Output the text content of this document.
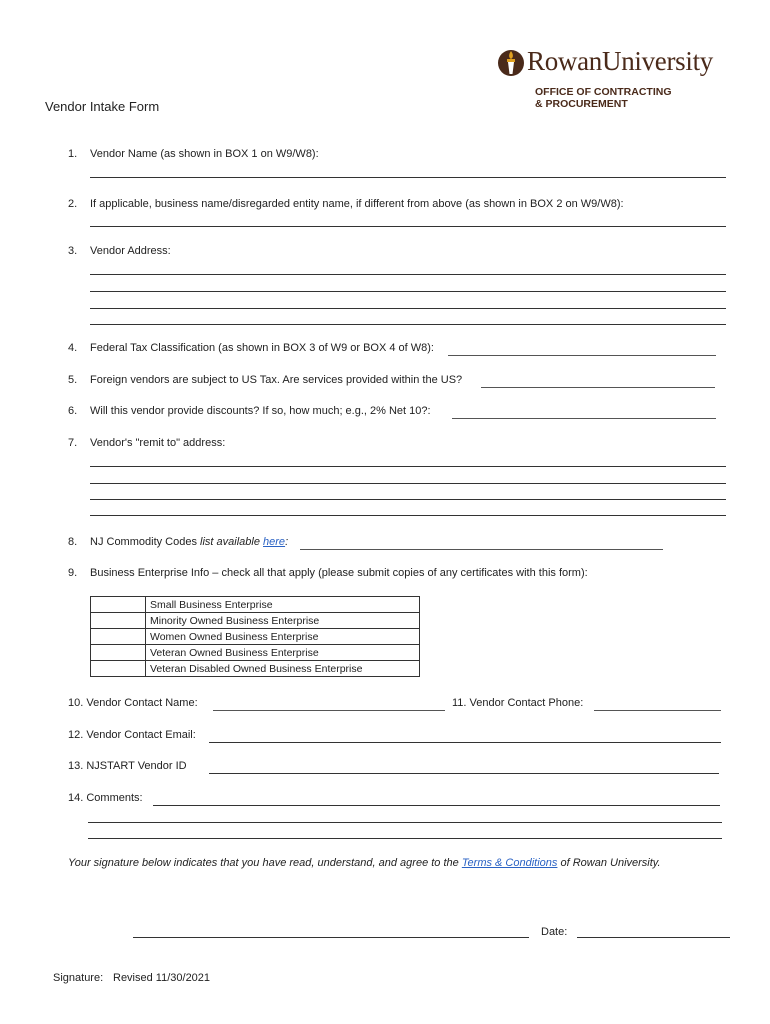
RowanUniversity
OFFICE OF CONTRACTING
& PROCUREMENT
Vendor Intake Form
1. Vendor Name (as shown in BOX 1 on W9/W8):
2. If applicable, business name/disregarded entity name, if different from above (as shown in BOX 2 on W9/W8):
3. Vendor Address:
4. Federal Tax Classification (as shown in BOX 3 of W9 or BOX 4 of W8):
5. Foreign vendors are subject to US Tax. Are services provided within the US?
6. Will this vendor provide discounts? If so, how much; e.g., 2% Net 10?:
7. Vendor's "remit to" address:
8. NJ Commodity Codes list available here:
9. Business Enterprise Info – check all that apply (please submit copies of any certificates with this form):
	Small Business Enterprise
	Minority Owned Business Enterprise
	Women Owned Business Enterprise
	Veteran Owned Business Enterprise
	Veteran Disabled Owned Business Enterprise
10. Vendor Contact Name:	11. Vendor Contact Phone:
12. Vendor Contact Email:
13. NJSTART Vendor ID
14. Comments:
Your signature below indicates that you have read, understand, and agree to the Terms & Conditions of Rowan University.
Date:
Signature: Revised 11/30/2021
